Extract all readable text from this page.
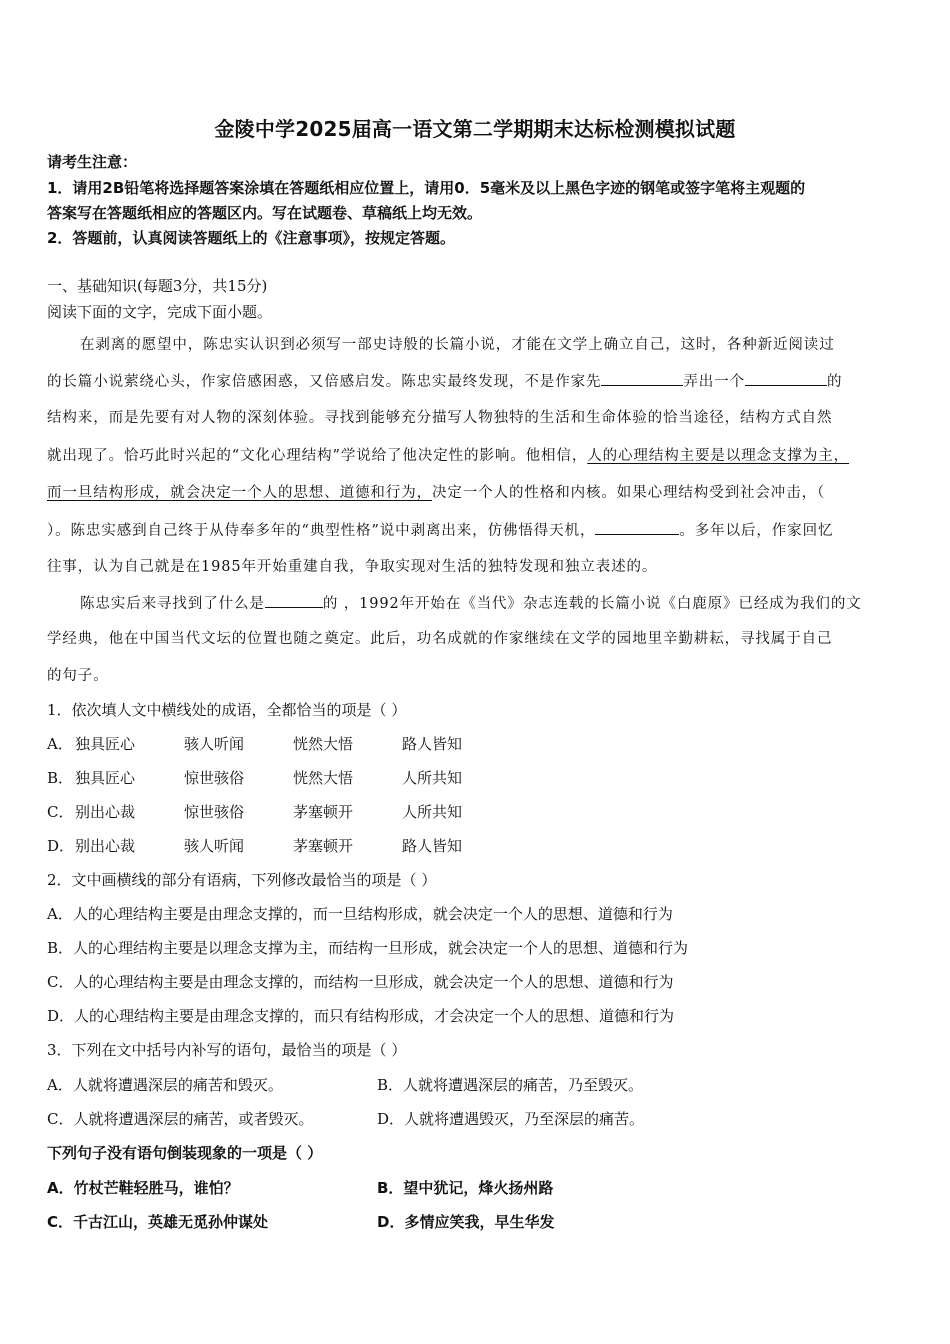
金陵中学2025届高一语文第二学期期末达标检测模拟试题
请考生注意：
1．请用2B铅笔将选择题答案涂填在答题纸相应位置上，请用0．5毫米及以上黑色字迹的钢笔或签字笔将主观题的
答案写在答题纸相应的答题区内。写在试题卷、草稿纸上均无效。
2．答题前，认真阅读答题纸上的《注意事项》，按规定答题。
一、基础知识(每题3分，共15分)
阅读下面的文字，完成下面小题。
在剥离的愿望中，陈忠实认识到必须写一部史诗般的长篇小说，才能在文学上确立自己，这时，各种新近阅读过
的长篇小说萦绕心头，作家倍感困惑，又倍感启发。陈忠实最终发现，不是作家先	弄出一个	的
结构来，而是先要有对人物的深刻体验。寻找到能够充分描写人物独特的生活和生命体验的恰当途径，结构方式自然
就出现了。恰巧此时兴起的“文化心理结构”学说给了他决定性的影响。他相信，人的心理结构主要是以理念支撑为主，
而一旦结构形成，就会决定一个人的思想、道德和行为，决定一个人的性格和内核。如果心理结构受到社会冲击，（
）。陈忠实感到自己终于从侍奉多年的“典型性格”说中剥离出来，仿佛悟得天机，	。多年以后，作家回忆
往事，认为自己就是在1985年开始重建自我，争取实现对生活的独特发现和独立表述的。
陈忠实后来寻找到了什么是	的 ，1992年开始在《当代》杂志连载的长篇小说《白鹿原》已经成为我们的文
学经典，他在中国当代文坛的位置也随之奠定。此后，功名成就的作家继续在文学的园地里辛勤耕耘，寻找属于自己
的句子。
1．依次填人文中横线处的成语，全都恰当的项是（ ）
A． 独具匠心	骇人听闻	恍然大悟	路人皆知
B． 独具匠心	惊世骇俗	恍然大悟	人所共知
C． 别出心裁	惊世骇俗	茅塞顿开	人所共知
D．别出心裁	骇人听闻	茅塞顿开	路人皆知
2．文中画横线的部分有语病，下列修改最恰当的项是（ ）
A．人的心理结构主要是由理念支撑的，而一旦结构形成，就会决定一个人的思想、道德和行为
B．人的心理结构主要是以理念支撑为主，而结构一旦形成，就会决定一个人的思想、道德和行为
C．人的心理结构主要是由理念支撑的，而结构一旦形成，就会决定一个人的思想、道德和行为
D．人的心理结构主要是由理念支撑的，而只有结构形成，才会决定一个人的思想、道德和行为
3．下列在文中括号内补写的语句，最恰当的项是（ ）
A．人就将遭遇深层的痛苦和毁灭。	B．人就将遭遇深层的痛苦，乃至毁灭。
C．人就将遭遇深层的痛苦，或者毁灭。	D．人就将遭遇毁灭，乃至深层的痛苦。
下列句子没有语句倒装现象的一项是（ ）
A．竹杖芒鞋轻胜马，谁怕？	B．望中犹记，烽火扬州路
C．千古江山，英雄无觅孙仲谋处	D．多情应笑我，早生华发
